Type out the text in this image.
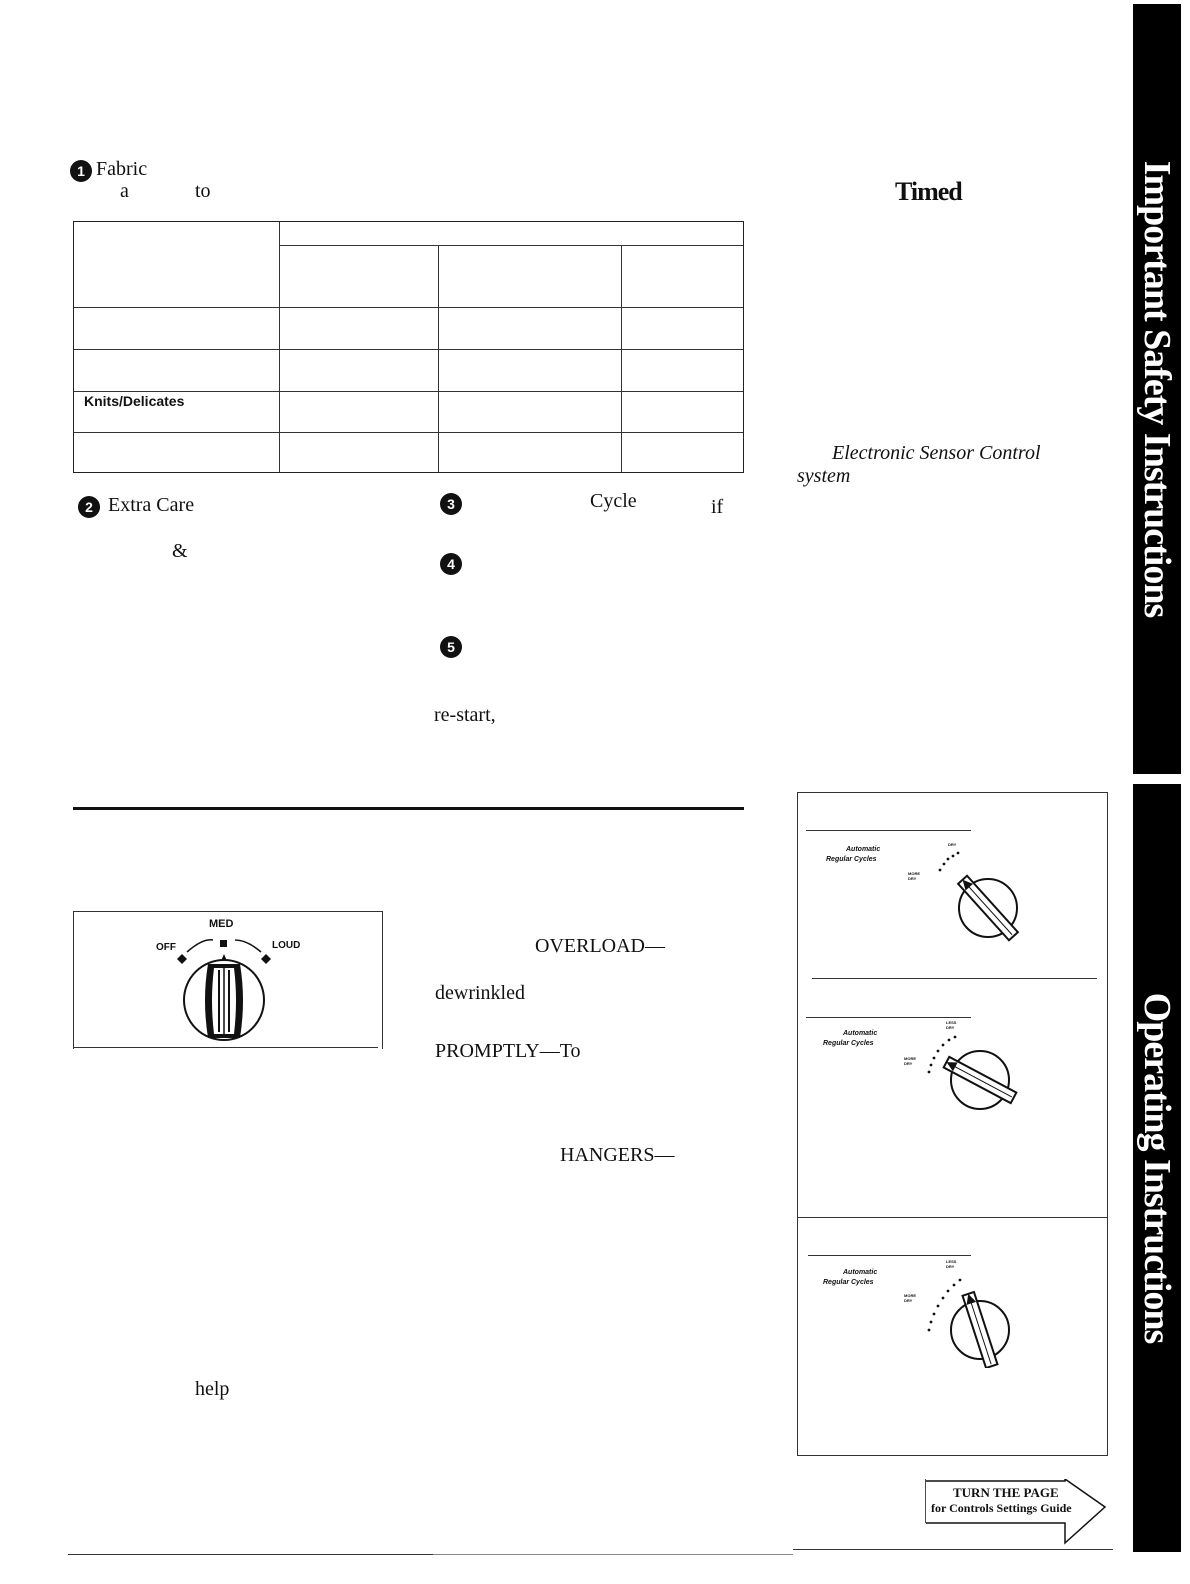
1 Fabric
a	to
Knits/Delicates
2 Extra Care
&
3	Cycle	if
4
5
re-start,
MED
OFF	LOUD	OVERLOAD—
dewrinkled
PROMPTLY—To
HANGERS—
help
Timed
Electronic Sensor Control
system
Automatic
Regular Cycles
DRY
MORE
DRY
Automatic
Regular Cycles
LESS
DRY
MORE
DRY
Automatic
Regular Cycles
LESS
DRY
MORE
DRY
Important Safety Instructions
Operating Instructions
TURN THE PAGE
for Controls Settings Guide
